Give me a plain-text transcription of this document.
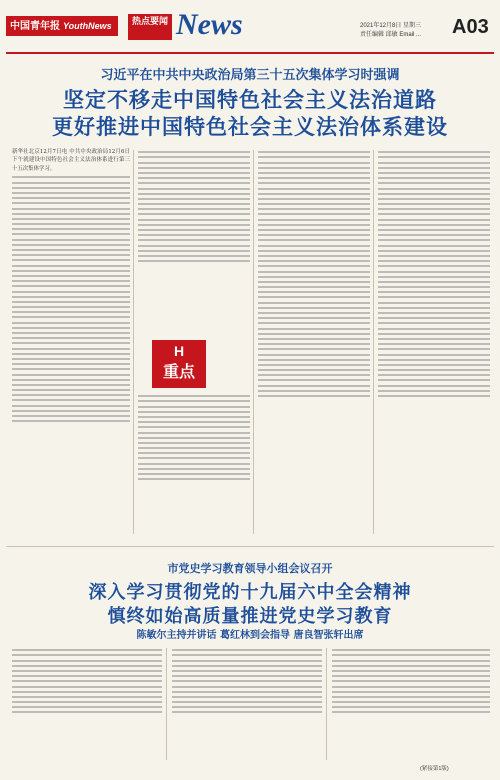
中国青年报 YouthNews	热点要闻 News	2021年12月8日 星期三
责任编辑 邱敏 Email ...	A03
习近平在中共中央政治局第三十五次集体学习时强调
坚定不移走中国特色社会主义法治道路
更好推进中国特色社会主义法治体系建设
新华社北京12月7日电 中共中央政治局12月6日下午就建设中国特色社会主义法治体系进行第三十五次集体学习。
H
重点
市党史学习教育领导小组会议召开
深入学习贯彻党的十九届六中全会精神
慎终如始高质量推进党史学习教育
陈敏尔主持并讲话 葛红林到会指导 唐良智张轩出席
(紧接第1版)
